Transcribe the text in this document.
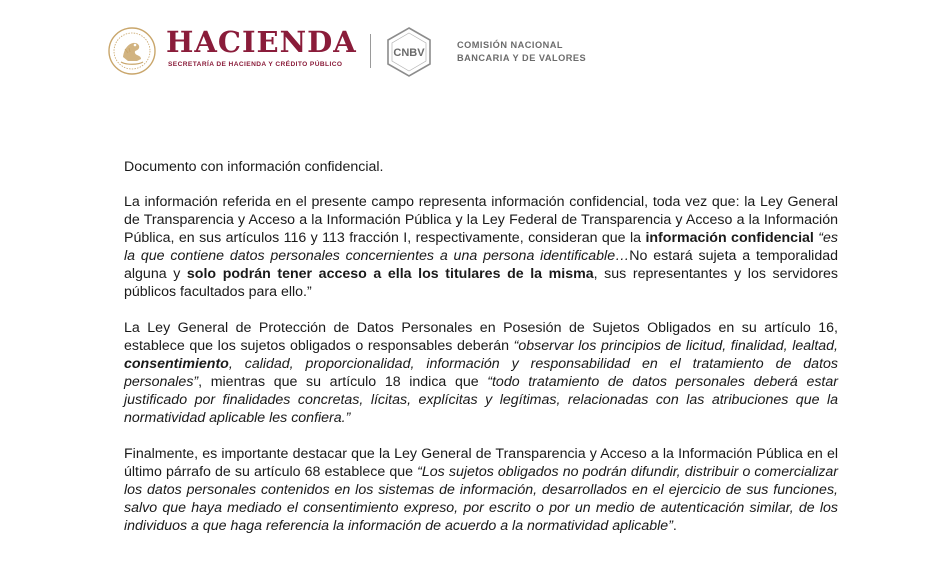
HACIENDA
SECRETARÍA DE HACIENDA Y CRÉDITO PÚBLICO
CNBV
COMISIÓN NACIONAL
BANCARIA Y DE VALORES

Documento con información confidencial.

La información referida en el presente campo representa información confidencial, toda vez que: la Ley General de Transparencia y Acceso a la Información Pública y la Ley Federal de Transparencia y Acceso a la Información Pública, en sus artículos 116 y 113 fracción I, respectivamente, consideran que la información confidencial “es la que contiene datos personales concernientes a una persona identificable…No estará sujeta a temporalidad alguna y solo podrán tener acceso a ella los titulares de la misma, sus representantes y los servidores públicos facultados para ello.”

La Ley General de Protección de Datos Personales en Posesión de Sujetos Obligados en su artículo 16, establece que los sujetos obligados o responsables deberán “observar los principios de licitud, finalidad, lealtad, consentimiento, calidad, proporcionalidad, información y responsabilidad en el tratamiento de datos personales”, mientras que su artículo 18 indica que “todo tratamiento de datos personales deberá estar justificado por finalidades concretas, lícitas, explícitas y legítimas, relacionadas con las atribuciones que la normatividad aplicable les confiera.”

Finalmente, es importante destacar que la Ley General de Transparencia y Acceso a la Información Pública en el último párrafo de su artículo 68 establece que “Los sujetos obligados no podrán difundir, distribuir o comercializar los datos personales contenidos en los sistemas de información, desarrollados en el ejercicio de sus funciones, salvo que haya mediado el consentimiento expreso, por escrito o por un medio de autenticación similar, de los individuos a que haga referencia la información de acuerdo a la normatividad aplicable”.
